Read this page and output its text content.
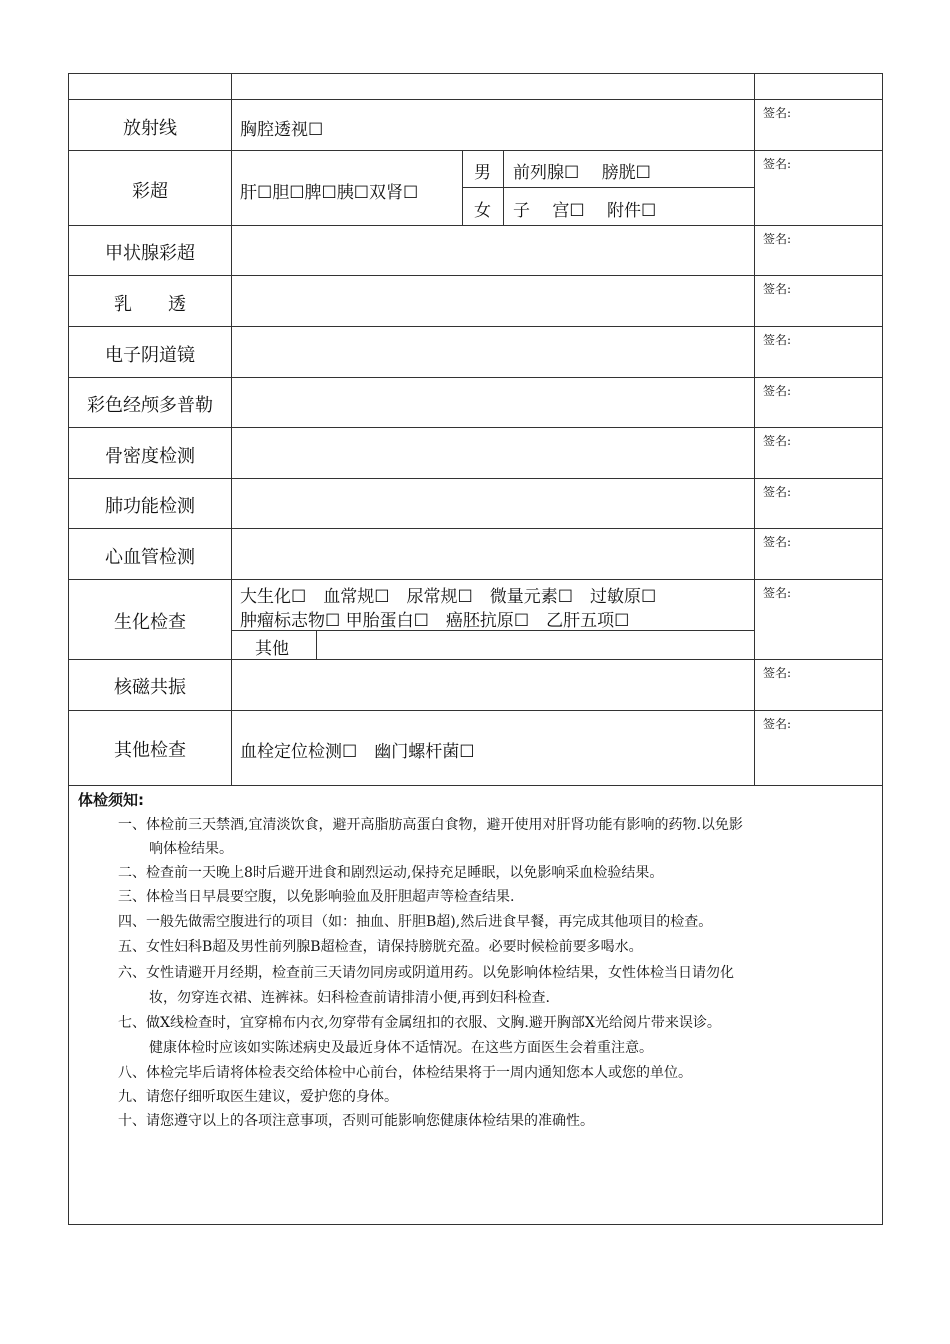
放射线	胸腔透视☐
签名:
彩超	肝☐胆☐脾☐胰☐双肾☐
男 前列腺☐　 膀胱☐
女 子　 宫☐　 附件☐
签名:
甲状腺彩超
签名:
乳　　透
签名:
电子阴道镜
签名:
彩色经颅多普勒
签名:
骨密度检测
签名:
肺功能检测
签名:
心血管检测
签名:
生化检查
大生化☐　血常规☐　尿常规☐　微量元素☐　过敏原☐
肿瘤标志物☐ 甲胎蛋白☐　癌胚抗原☐　乙肝五项☐
其他
签名:
核磁共振
签名:
其他检查	血栓定位检测☐　幽门螺杆菌☐
签名:
体检须知:
一、体检前三天禁酒,宜清淡饮食，避开高脂肪高蛋白食物，避开使用对肝肾功能有影响的药物.以免影
响体检结果。
二、检查前一天晚上8时后避开进食和剧烈运动,保持充足睡眠，以免影响采血检验结果。
三、体检当日早晨要空腹，以免影响验血及肝胆超声等检查结果.
四、一般先做需空腹进行的项目（如：抽血、肝胆B超),然后进食早餐，再完成其他项目的检查。
五、女性妇科B超及男性前列腺B超检查，请保持膀胱充盈。必要时候检前要多喝水。
六、女性请避开月经期，检查前三天请勿同房或阴道用药。以免影响体检结果，女性体检当日请勿化
妆，勿穿连衣裙、连裤袜。妇科检查前请排清小便,再到妇科检查.
七、做X线检查时，宜穿棉布内衣,勿穿带有金属纽扣的衣服、文胸.避开胸部X光给阅片带来误诊。
健康体检时应该如实陈述病史及最近身体不适情况。在这些方面医生会着重注意。
八、体检完毕后请将体检表交给体检中心前台，体检结果将于一周内通知您本人或您的单位。
九、请您仔细听取医生建议，爱护您的身体。
十、请您遵守以上的各项注意事项，否则可能影响您健康体检结果的准确性。
